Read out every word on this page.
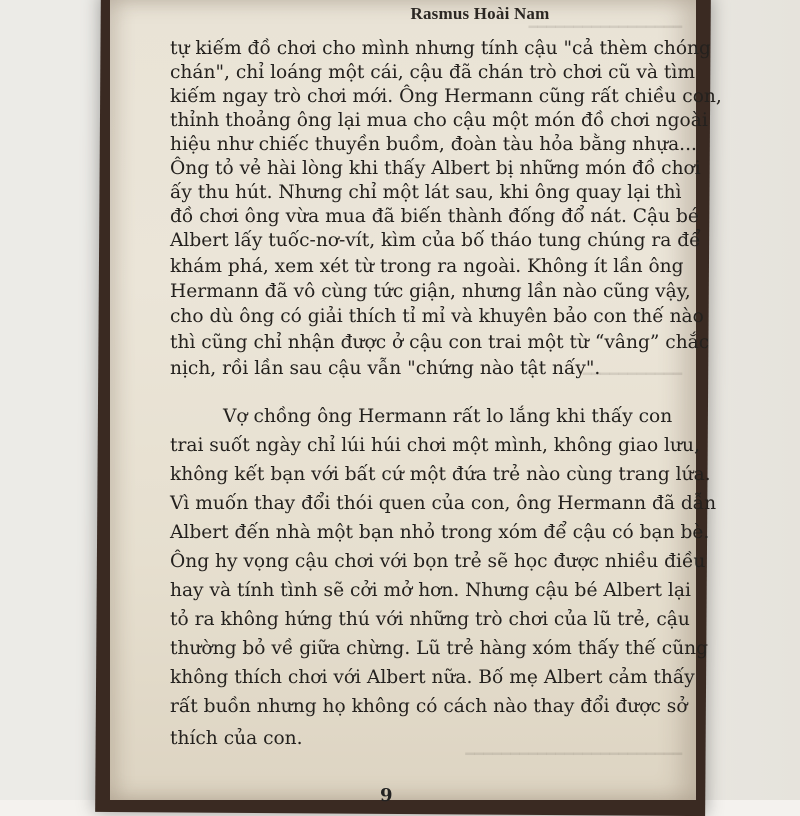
━━━━━━━━━━━━━━━━━
━━━━━━━━━━━
━━━━━━━━━━━━━━━━━━━━━━━━
Rasmus Hoài Nam
tự kiếm đồ chơi cho mình nhưng tính cậu "cả thèm chóng
chán", chỉ loáng một cái, cậu đã chán trò chơi cũ và tìm
kiếm ngay trò chơi mới. Ông Hermann cũng rất chiều con,
thỉnh thoảng ông lại mua cho cậu một món đồ chơi ngoài
hiệu như chiếc thuyền buồm, đoàn tàu hỏa bằng nhựa...
Ông tỏ vẻ hài lòng khi thấy Albert bị những món đồ chơi
ấy thu hút. Nhưng chỉ một lát sau, khi ông quay lại thì
đồ chơi ông vừa mua đã biến thành đống đổ nát. Cậu bé
Albert lấy tuốc-nơ-vít, kìm của bố tháo tung chúng ra để
khám phá, xem xét từ trong ra ngoài. Không ít lần ông
Hermann đã vô cùng tức giận, nhưng lần nào cũng vậy,
cho dù ông có giải thích tỉ mỉ và khuyên bảo con thế nào
thì cũng chỉ nhận được ở cậu con trai một từ “vâng” chắc
nịch, rồi lần sau cậu vẫn "chứng nào tật nấy".
Vợ chồng ông Hermann rất lo lắng khi thấy con
trai suốt ngày chỉ lúi húi chơi một mình, không giao lưu,
không kết bạn với bất cứ một đứa trẻ nào cùng trang lứa.
Vì muốn thay đổi thói quen của con, ông Hermann đã dẫn
Albert đến nhà một bạn nhỏ trong xóm để cậu có bạn bè.
Ông hy vọng cậu chơi với bọn trẻ sẽ học được nhiều điều
hay và tính tình sẽ cởi mở hơn. Nhưng cậu bé Albert lại
tỏ ra không hứng thú với những trò chơi của lũ trẻ, cậu
thường bỏ về giữa chừng. Lũ trẻ hàng xóm thấy thế cũng
không thích chơi với Albert nữa. Bố mẹ Albert cảm thấy
rất buồn nhưng họ không có cách nào thay đổi được sở
thích của con.
9
